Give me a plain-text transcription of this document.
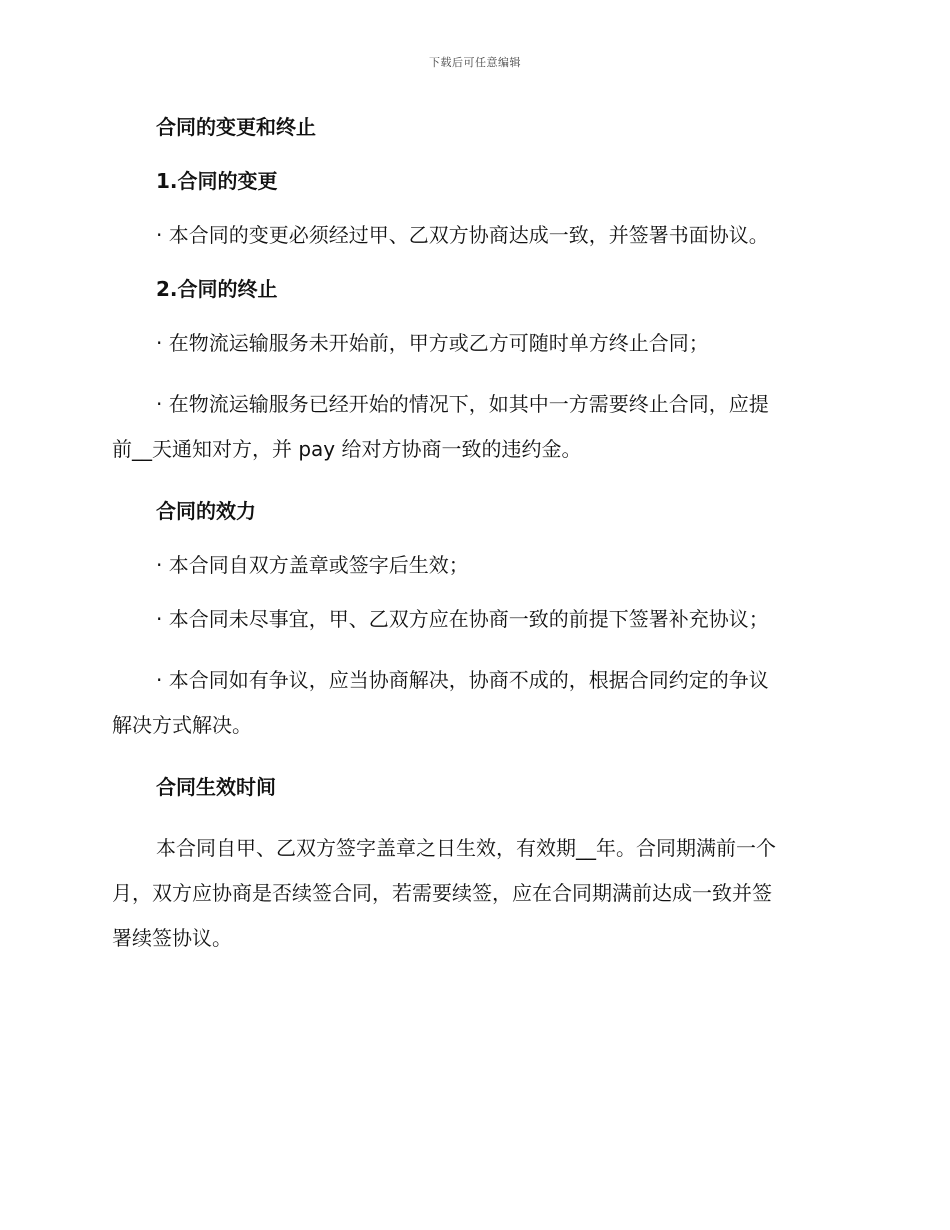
下载后可任意编辑

合同的变更和终止

1.合同的变更

· 本合同的变更必须经过甲、乙双方协商达成一致，并签署书面协议。

2.合同的终止

· 在物流运输服务未开始前，甲方或乙方可随时单方终止合同；

· 在物流运输服务已经开始的情况下，如其中一方需要终止合同，应提
前__天通知对方，并 pay 给对方协商一致的违约金。

合同的效力

· 本合同自双方盖章或签字后生效；

· 本合同未尽事宜，甲、乙双方应在协商一致的前提下签署补充协议；

· 本合同如有争议，应当协商解决，协商不成的，根据合同约定的争议
解决方式解决。

合同生效时间

本合同自甲、乙双方签字盖章之日生效，有效期__年。合同期满前一个
月，双方应协商是否续签合同，若需要续签，应在合同期满前达成一致并签
署续签协议。
